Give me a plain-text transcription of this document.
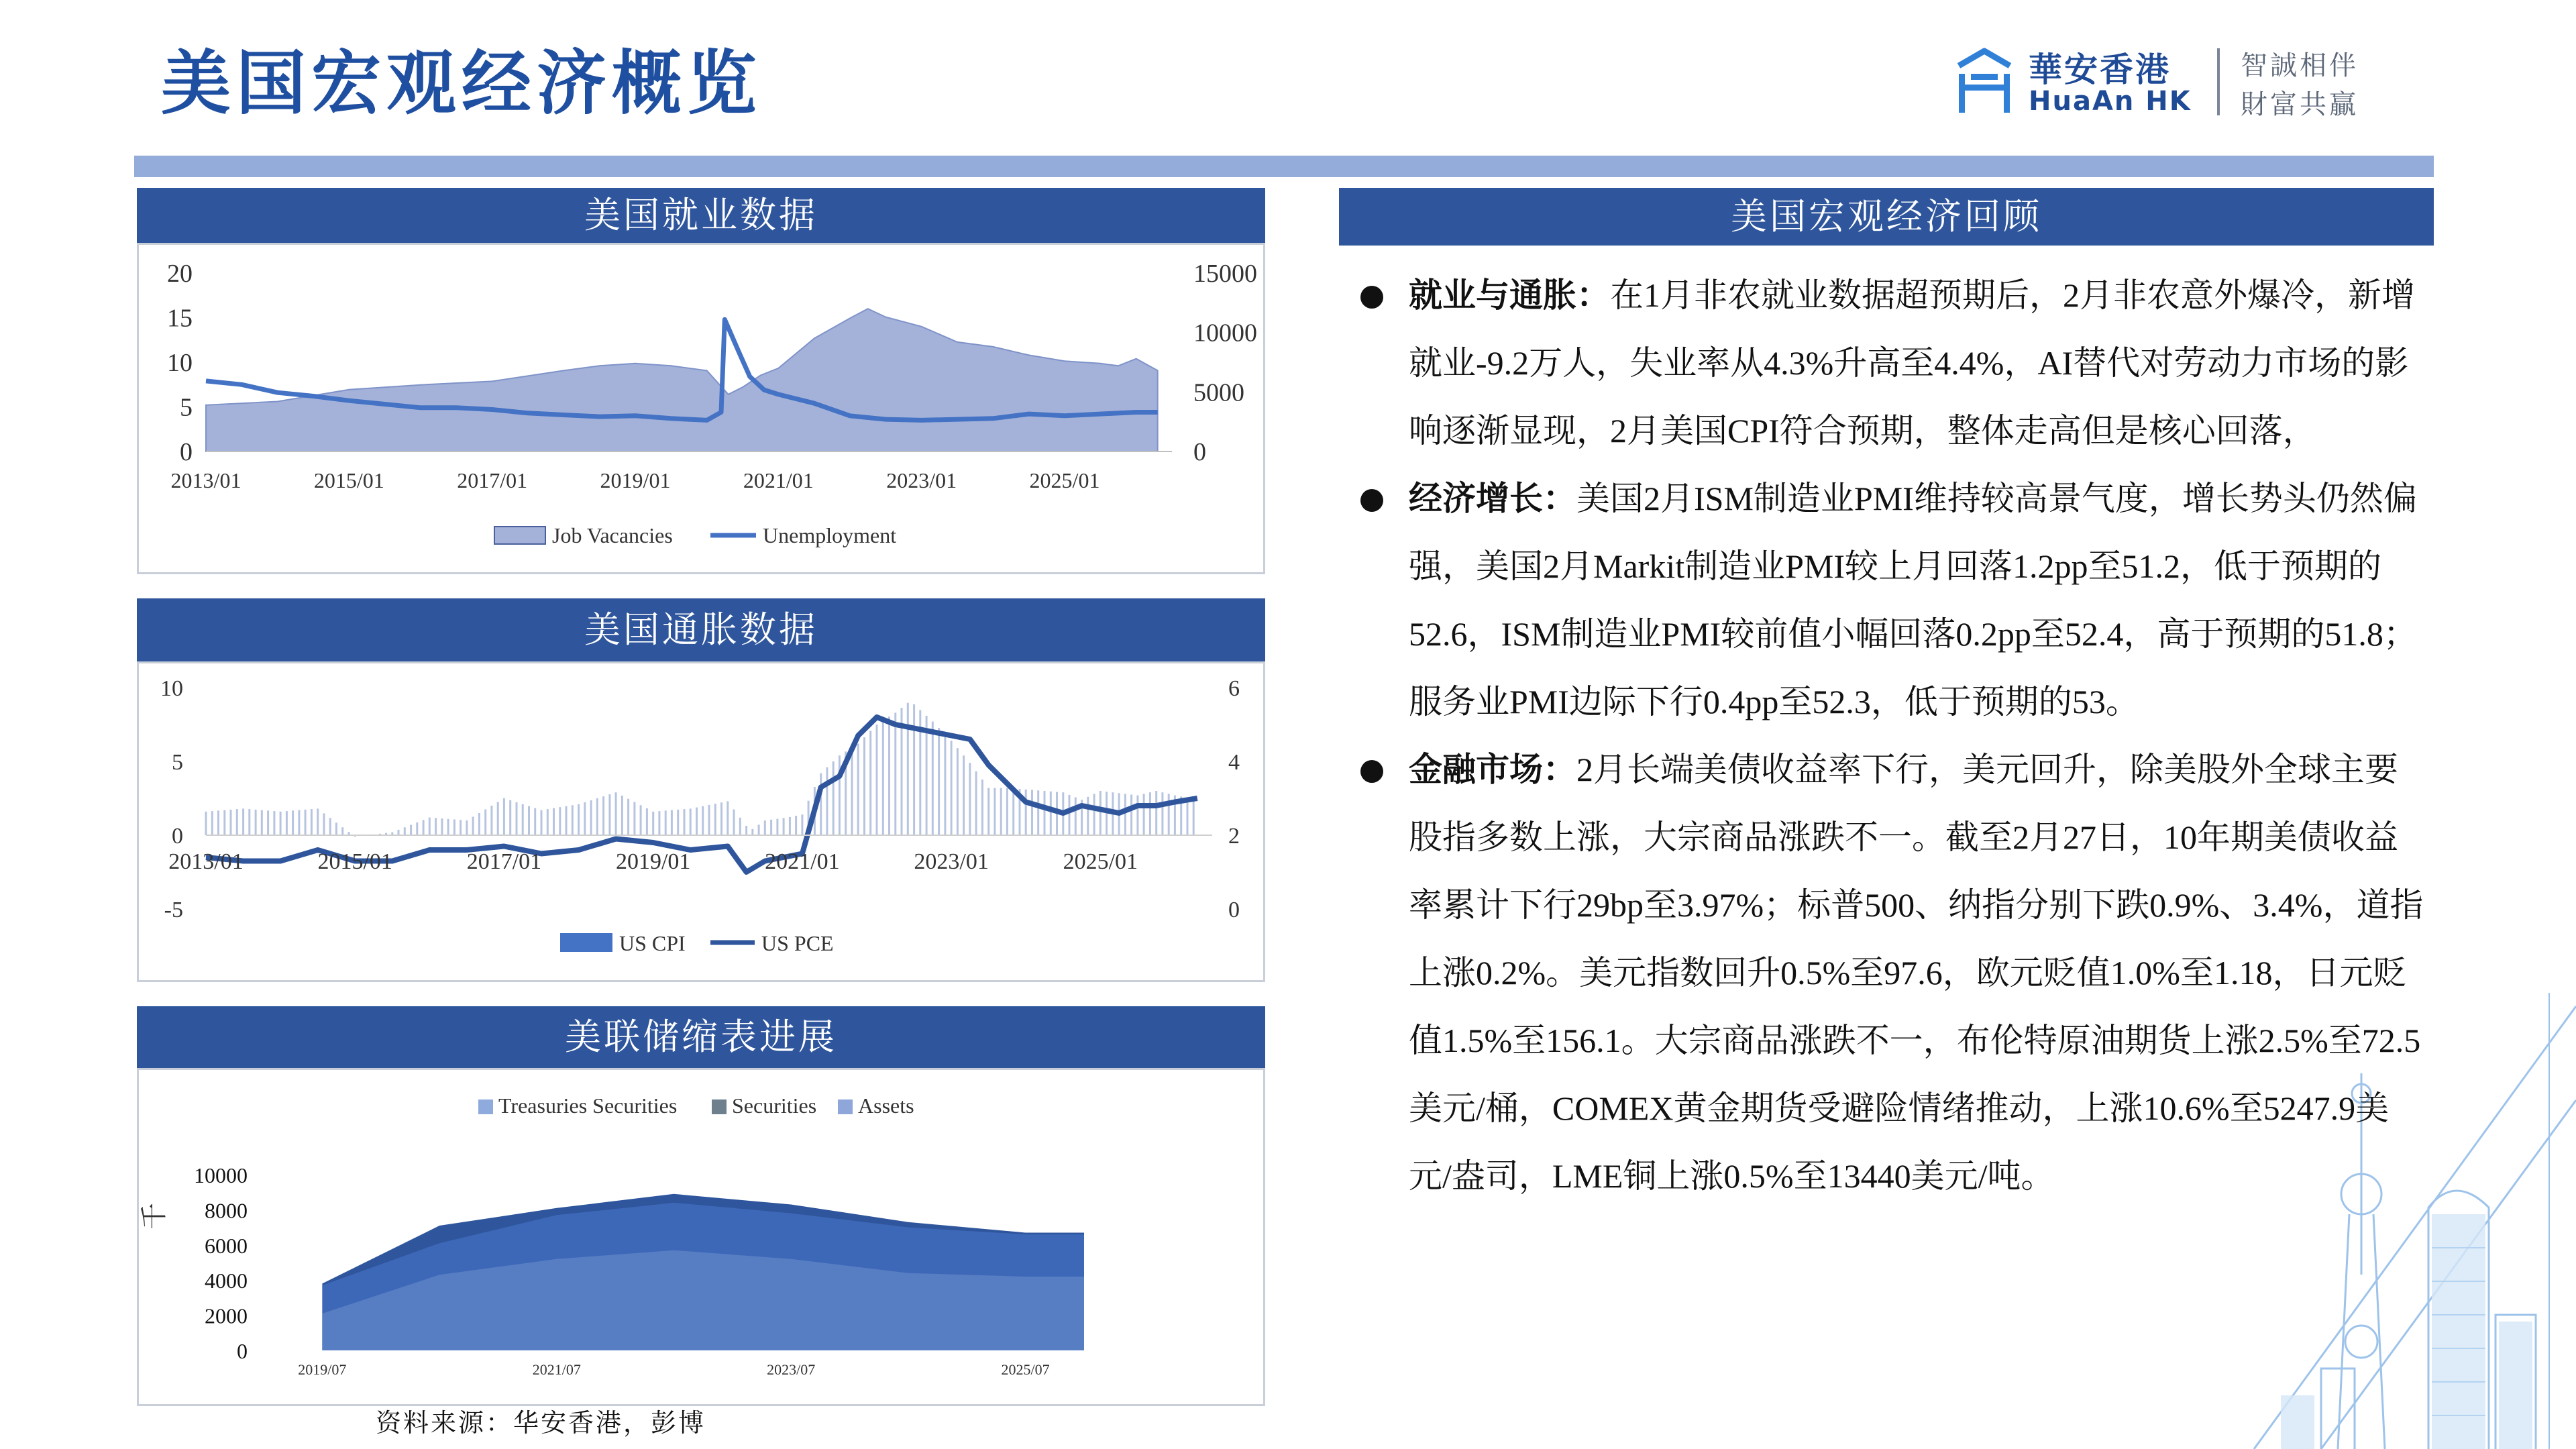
美国宏观经济概览	華安香港
HuaAn HK
智誠相伴
財富共贏
美国就业数据
0
5
10
15
20
0
5000
10000
15000
2013/01	2015/01	2017/01	2019/01	2021/01	2023/01	2025/01
Job Vacancies	Unemployment
美国通胀数据
-5
0
5
10
0
2
4
6
2013/01	2015/01	2017/01	2019/01	2021/01	2023/01	2025/01
US CPI	US PCE
美联储缩表进展
0
2000
4000
6000
8000
10000
2019/07	2021/07	2023/07	2025/07
千
Treasuries Securities	Securities Assets
资料来源：华安香港，彭博
美国宏观经济回顾
就业与通胀：在1月非农就业数据超预期后，2月非农意外爆冷，新增就业-9.2万人，失业率从4.3%升高至4.4%，AI替代对劳动力市场的影响逐渐显现，2月美国CPI符合预期，整体走高但是核心回落，
经济增长：美国2月ISM制造业PMI维持较高景气度，增长势头仍然偏强，美国2月Markit制造业PMI较上月回落1.2pp至51.2，低于预期的52.6，ISM制造业PMI较前值小幅回落0.2pp至52.4，高于预期的51.8；服务业PMI边际下行0.4pp至52.3，低于预期的53。
金融市场：2月长端美债收益率下行，美元回升，除美股外全球主要股指多数上涨，大宗商品涨跌不一。截至2月27日，10年期美债收益率累计下行29bp至3.97%；标普500、纳指分别下跌0.9%、3.4%，道指上涨0.2%。美元指数回升0.5%至97.6，欧元贬值1.0%至1.18，日元贬值1.5%至156.1。大宗商品涨跌不一，布伦特原油期货上涨2.5%至72.5美元/桶，COMEX黄金期货受避险情绪推动，上涨10.6%至5247.9美元/盎司，LME铜上涨0.5%至13440美元/吨。
